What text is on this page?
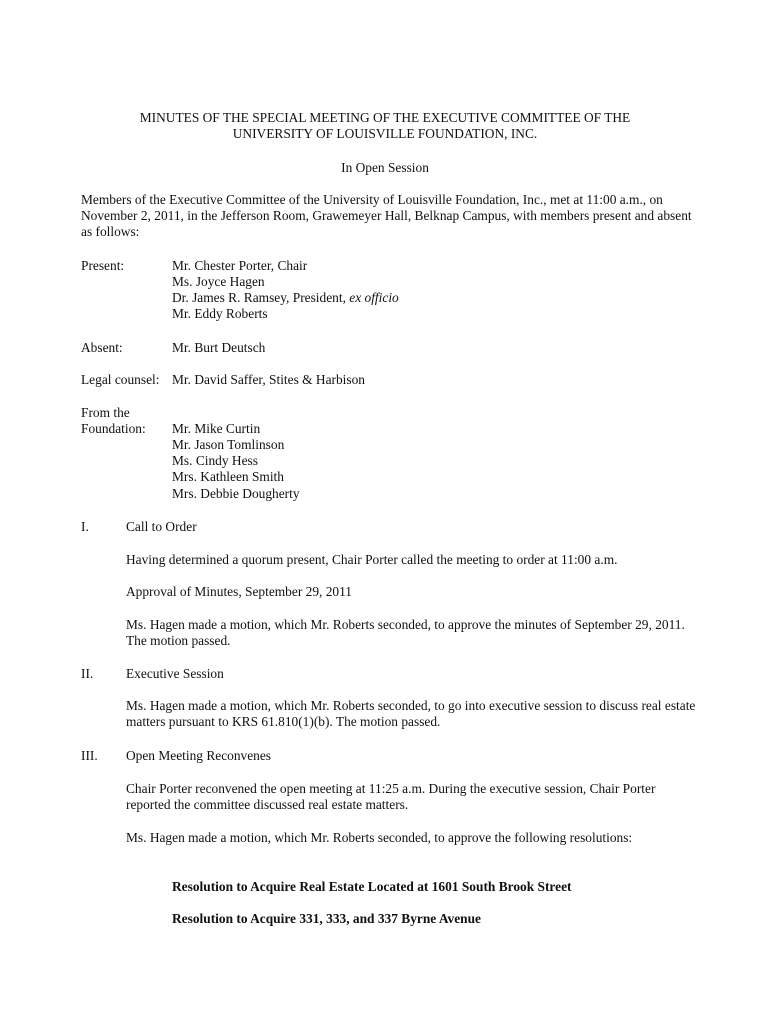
MINUTES OF THE SPECIAL MEETING OF THE EXECUTIVE COMMITTEE OF THE
UNIVERSITY OF LOUISVILLE FOUNDATION, INC.
In Open Session
Members of the Executive Committee of the University of Louisville Foundation, Inc., met at 11:00 a.m., on
November 2, 2011, in the Jefferson Room, Grawemeyer Hall, Belknap Campus, with members present and absent
as follows:
Present:	Mr. Chester Porter, Chair
Ms. Joyce Hagen
Dr. James R. Ramsey, President, ex officio
Mr. Eddy Roberts
Absent:	Mr. Burt Deutsch
Legal counsel: Mr. David Saffer, Stites & Harbison
From the
Foundation: Mr. Mike Curtin
Mr. Jason Tomlinson
Ms. Cindy Hess
Mrs. Kathleen Smith
Mrs. Debbie Dougherty
I.	Call to Order
Having determined a quorum present, Chair Porter called the meeting to order at 11:00 a.m.
Approval of Minutes, September 29, 2011
Ms. Hagen made a motion, which Mr. Roberts seconded, to approve the minutes of September 29, 2011.
The motion passed.
II. Executive Session
Ms. Hagen made a motion, which Mr. Roberts seconded, to go into executive session to discuss real estate
matters pursuant to KRS 61.810(1)(b). The motion passed.
III. Open Meeting Reconvenes
Chair Porter reconvened the open meeting at 11:25 a.m. During the executive session, Chair Porter
reported the committee discussed real estate matters.
Ms. Hagen made a motion, which Mr. Roberts seconded, to approve the following resolutions:
Resolution to Acquire Real Estate Located at 1601 South Brook Street
Resolution to Acquire 331, 333, and 337 Byrne Avenue
